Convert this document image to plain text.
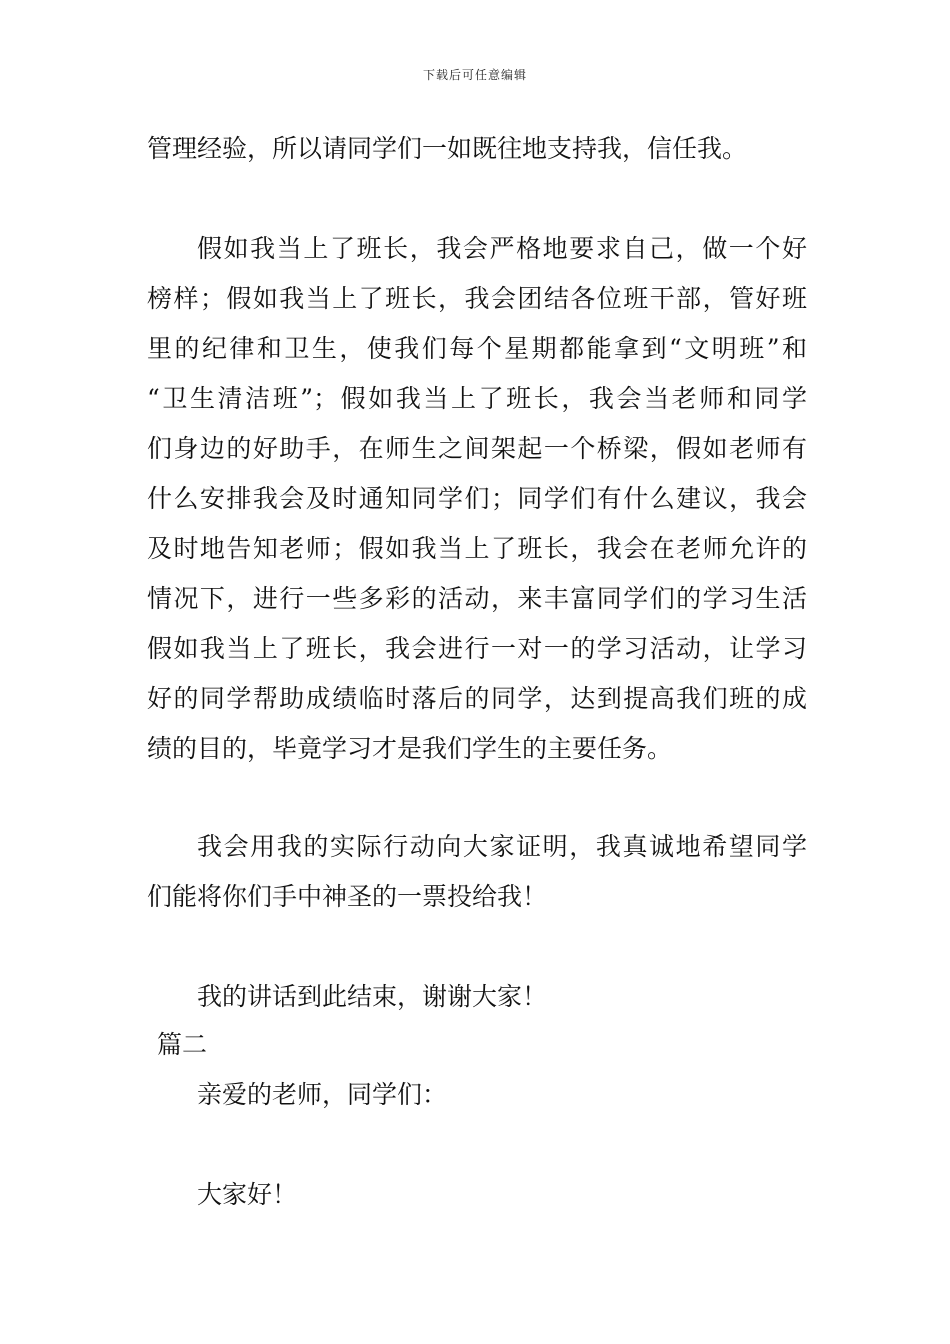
下载后可任意编辑
管理经验，所以请同学们一如既往地支持我，信任我。
假如我当上了班长，我会严格地要求自己，做一个好
榜样；假如我当上了班长，我会团结各位班干部，管好班
里的纪律和卫生，使我们每个星期都能拿到“文明班”和
“卫生清洁班”；假如我当上了班长，我会当老师和同学
们身边的好助手，在师生之间架起一个桥梁，假如老师有
什么安排我会及时通知同学们；同学们有什么建议，我会
及时地告知老师；假如我当上了班长，我会在老师允许的
情况下，进行一些多彩的活动，来丰富同学们的学习生活
假如我当上了班长，我会进行一对一的学习活动，让学习
好的同学帮助成绩临时落后的同学，达到提高我们班的成
绩的目的，毕竟学习才是我们学生的主要任务。
我会用我的实际行动向大家证明，我真诚地希望同学
们能将你们手中神圣的一票投给我！
我的讲话到此结束，谢谢大家！
篇二
亲爱的老师，同学们：
大家好！
